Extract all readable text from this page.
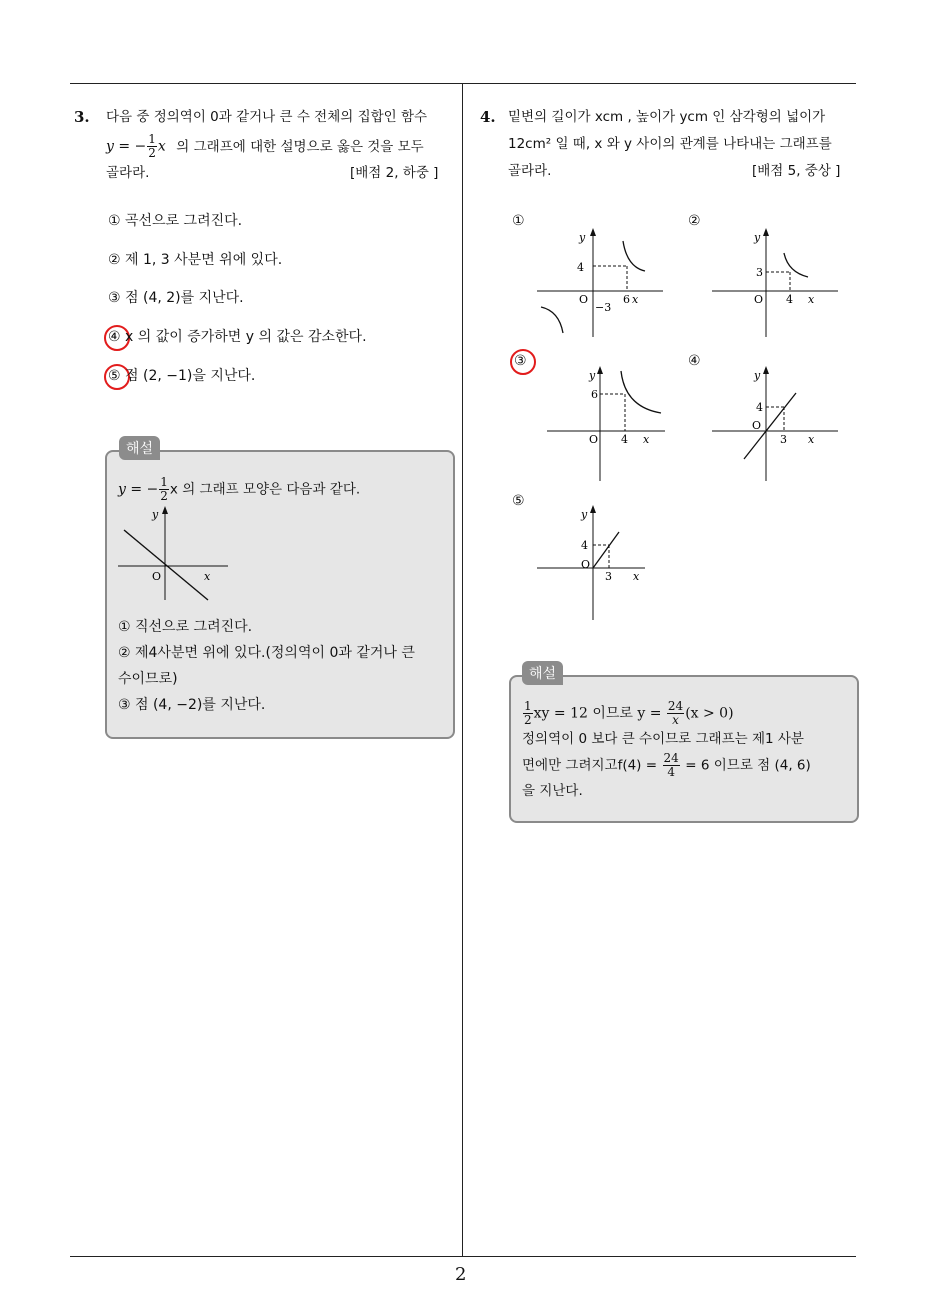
2
3. 다음 중 정의역이 0과 같거나 큰 수 전체의 집합인 함수
y = − $\frac{1}{2}$ x 의 그래프에 대한 설명으로 옳은 것을 모두
골라라.	[배점 2, 하중 ]
① 곡선으로 그려진다.
② 제 1, 3 사분면 위에 있다.
③ 점 (4, 2)를 지난다.
④ x 의 값이 증가하면 y 의 값은 감소한다.
⑤ 점 (2, −1)을 지난다.
해설
y = − $\frac{1}{2}$ x 의 그래프 모양은 다음과 같다.
y
x
O
① 직선으로 그려진다.
② 제4사분면 위에 있다.(정의역이 0과 같거나 큰
수이므로)
③ 점 (4, −2)를 지난다.
4. 밑변의 길이가 xcm , 높이가 ycm 인 삼각형의 넓이가
12cm² 일 때, x 와 y 사이의 관계를 나타내는 그래프를
골라라.	[배점 5, 중상 ]
①	②
③	④
⑤
y
4
O	6 x
−3
y
3
O 4 x
y
6
O 4 x
y
4
O
3 x
y
4
O
3 x
해설
$\frac{1}{2}$ xy = 12 이므로 $y = \frac{24}{x} (x > 0)$
정의역이 0 보다 큰 수이므로 그래프는 제1 사분
면에만 그려지고$f(4) = \frac{24}{4} = 6$ 이므로 점 (4, 6)
을 지난다.
